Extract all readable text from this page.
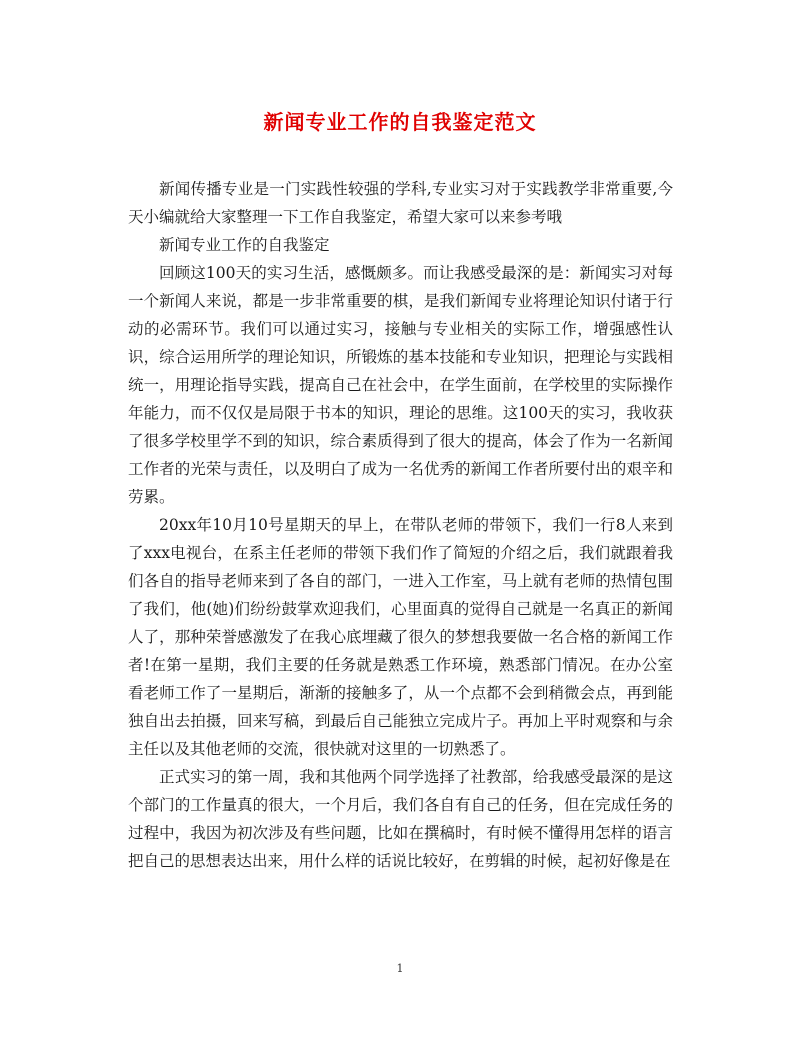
新闻专业工作的自我鉴定范文

新闻传播专业是一门实践性较强的学科,专业实习对于实践教学非常重要,今天小编就给大家整理一下工作自我鉴定，希望大家可以来参考哦

新闻专业工作的自我鉴定

回顾这100天的实习生活，感慨颇多。而让我感受最深的是：新闻实习对每一个新闻人来说，都是一步非常重要的棋，是我们新闻专业将理论知识付诸于行动的必需环节。我们可以通过实习，接触与专业相关的实际工作，增强感性认识，综合运用所学的理论知识，所锻炼的基本技能和专业知识，把理论与实践相统一，用理论指导实践，提高自己在社会中，在学生面前，在学校里的实际操作年能力，而不仅仅是局限于书本的知识，理论的思维。这100天的实习，我收获了很多学校里学不到的知识，综合素质得到了很大的提高，体会了作为一名新闻工作者的光荣与责任，以及明白了成为一名优秀的新闻工作者所要付出的艰辛和劳累。

20xx年10月10号星期天的早上，在带队老师的带领下，我们一行8人来到了xxx电视台，在系主任老师的带领下我们作了简短的介绍之后，我们就跟着我们各自的指导老师来到了各自的部门，一进入工作室，马上就有老师的热情包围了我们，他(她)们纷纷鼓掌欢迎我们，心里面真的觉得自己就是一名真正的新闻人了，那种荣誉感激发了在我心底埋藏了很久的梦想我要做一名合格的新闻工作者!在第一星期，我们主要的任务就是熟悉工作环境，熟悉部门情况。在办公室看老师工作了一星期后，渐渐的接触多了，从一个点都不会到稍微会点，再到能独自出去拍摄，回来写稿，到最后自己能独立完成片子。再加上平时观察和与余主任以及其他老师的交流，很快就对这里的一切熟悉了。

正式实习的第一周，我和其他两个同学选择了社教部，给我感受最深的是这个部门的工作量真的很大，一个月后，我们各自有自己的任务，但在完成任务的过程中，我因为初次涉及有些问题，比如在撰稿时，有时候不懂得用怎样的语言把自己的思想表达出来，用什么样的话说比较好，在剪辑的时候，起初好像是在

1
